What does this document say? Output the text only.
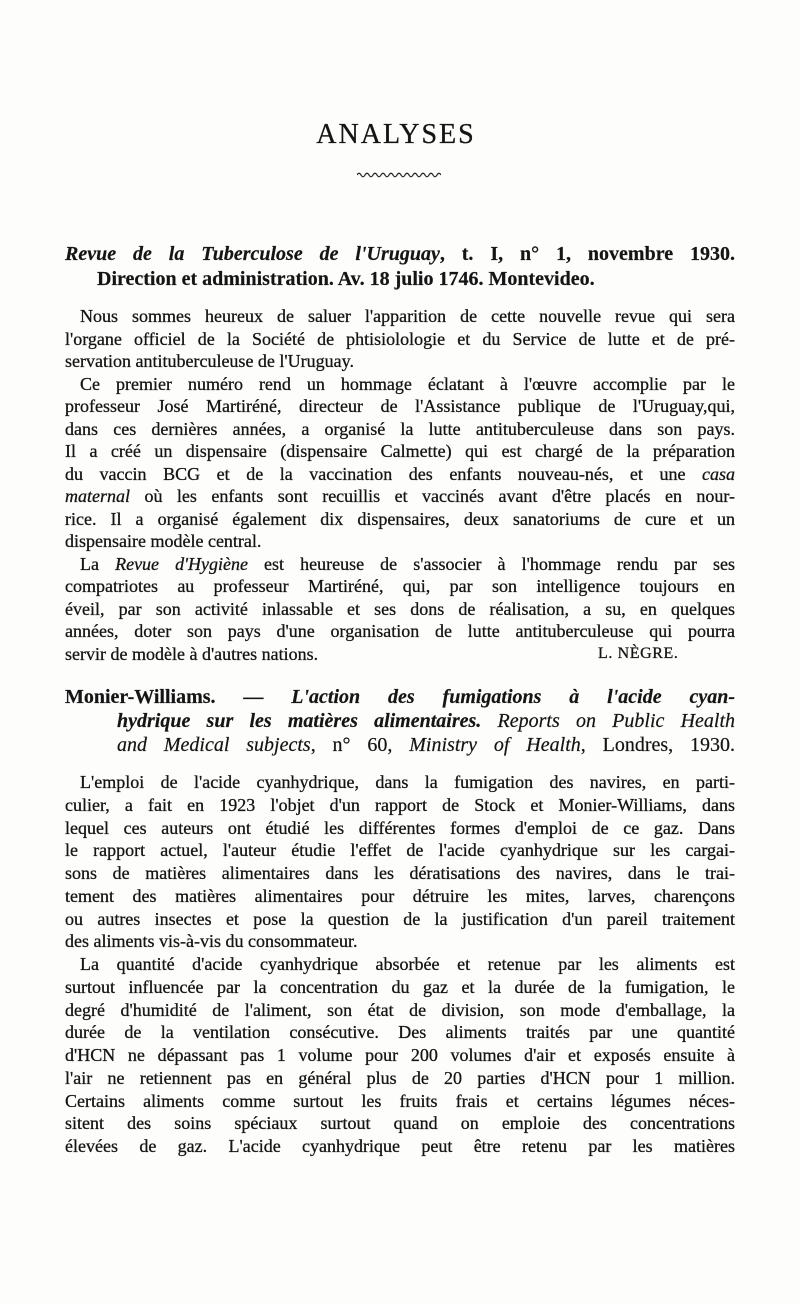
ANALYSES
Revue de la Tuberculose de l'Uruguay, t. I, n° 1, novembre 1930.
Direction et administration. Av. 18 julio 1746. Montevideo.
Nous sommes heureux de saluer l'apparition de cette nouvelle revue qui sera
l'organe officiel de la Société de phtisiolologie et du Service de lutte et de pré-
servation antituberculeuse de l'Uruguay.
Ce premier numéro rend un hommage éclatant à l'œuvre accomplie par le
professeur José Martiréné, directeur de l'Assistance publique de l'Uruguay,qui,
dans ces dernières années, a organisé la lutte antituberculeuse dans son pays.
Il a créé un dispensaire (dispensaire Calmette) qui est chargé de la préparation
du vaccin BCG et de la vaccination des enfants nouveau-nés, et une casa
maternal où les enfants sont recuillis et vaccinés avant d'être placés en nour-
rice. Il a organisé également dix dispensaires, deux sanatoriums de cure et un
dispensaire modèle central.
La Revue d'Hygiène est heureuse de s'associer à l'hommage rendu par ses
compatriotes au professeur Martiréné, qui, par son intelligence toujours en
éveil, par son activité inlassable et ses dons de réalisation, a su, en quelques
années, doter son pays d'une organisation de lutte antituberculeuse qui pourra
servir de modèle à d'autres nations.	L. NÈGRE.
Monier-Williams. — L'action des fumigations à l'acide cyan-
hydrique sur les matières alimentaires. Reports on Public Health
and Medical subjects, n° 60, Ministry of Health, Londres, 1930.
L'emploi de l'acide cyanhydrique, dans la fumigation des navires, en parti-
culier, a fait en 1923 l'objet d'un rapport de Stock et Monier-Williams, dans
lequel ces auteurs ont étudié les différentes formes d'emploi de ce gaz. Dans
le rapport actuel, l'auteur étudie l'effet de l'acide cyanhydrique sur les cargai-
sons de matières alimentaires dans les dératisations des navires, dans le trai-
tement des matières alimentaires pour détruire les mites, larves, charençons
ou autres insectes et pose la question de la justification d'un pareil traitement
des aliments vis-à-vis du consommateur.
La quantité d'acide cyanhydrique absorbée et retenue par les aliments est
surtout influencée par la concentration du gaz et la durée de la fumigation, le
degré d'humidité de l'aliment, son état de division, son mode d'emballage, la
durée de la ventilation consécutive. Des aliments traités par une quantité
d'HCN ne dépassant pas 1 volume pour 200 volumes d'air et exposés ensuite à
l'air ne retiennent pas en général plus de 20 parties d'HCN pour 1 million.
Certains aliments comme surtout les fruits frais et certains légumes néces-
sitent des soins spéciaux surtout quand on emploie des concentrations
élevées de gaz. L'acide cyanhydrique peut être retenu par les matières
